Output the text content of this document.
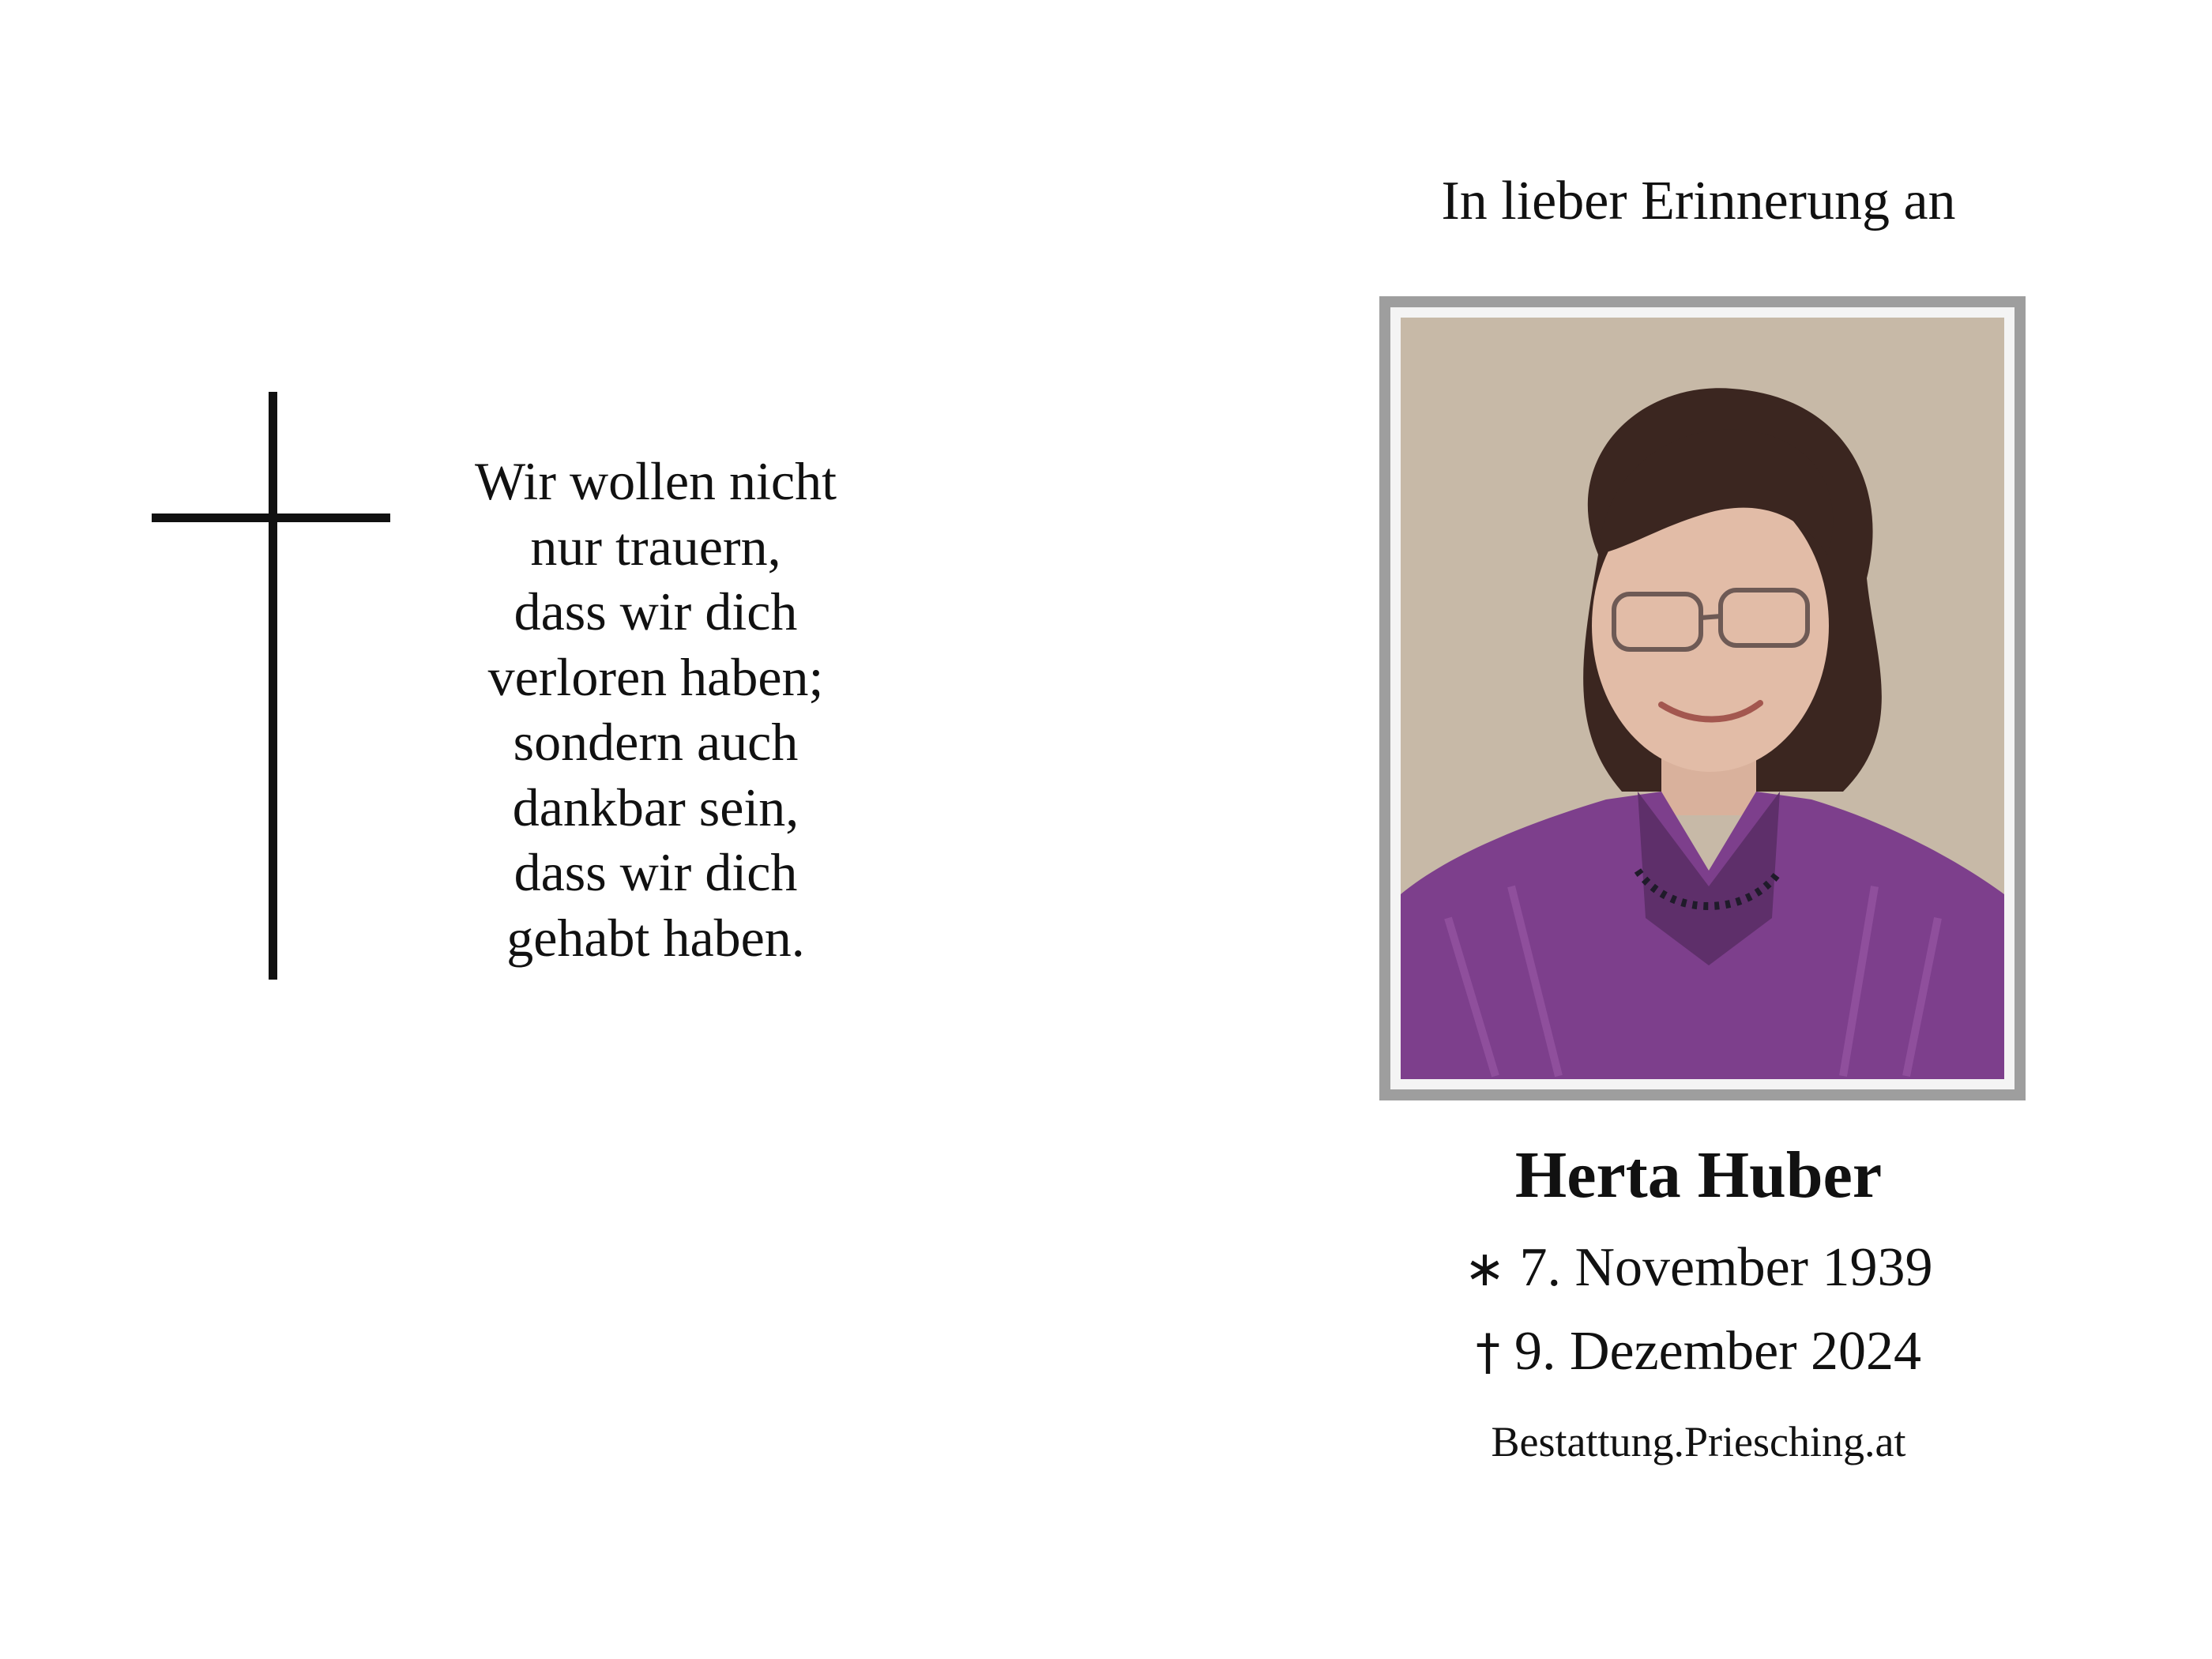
Wir wollen nicht
nur trauern,
dass wir dich
verloren haben;
sondern auch
dankbar sein,
dass wir dich
gehabt haben.
In lieber Erinnerung an
Herta Huber
∗ 7. November 1939
† 9. Dezember 2024
Bestattung.Priesching.at
